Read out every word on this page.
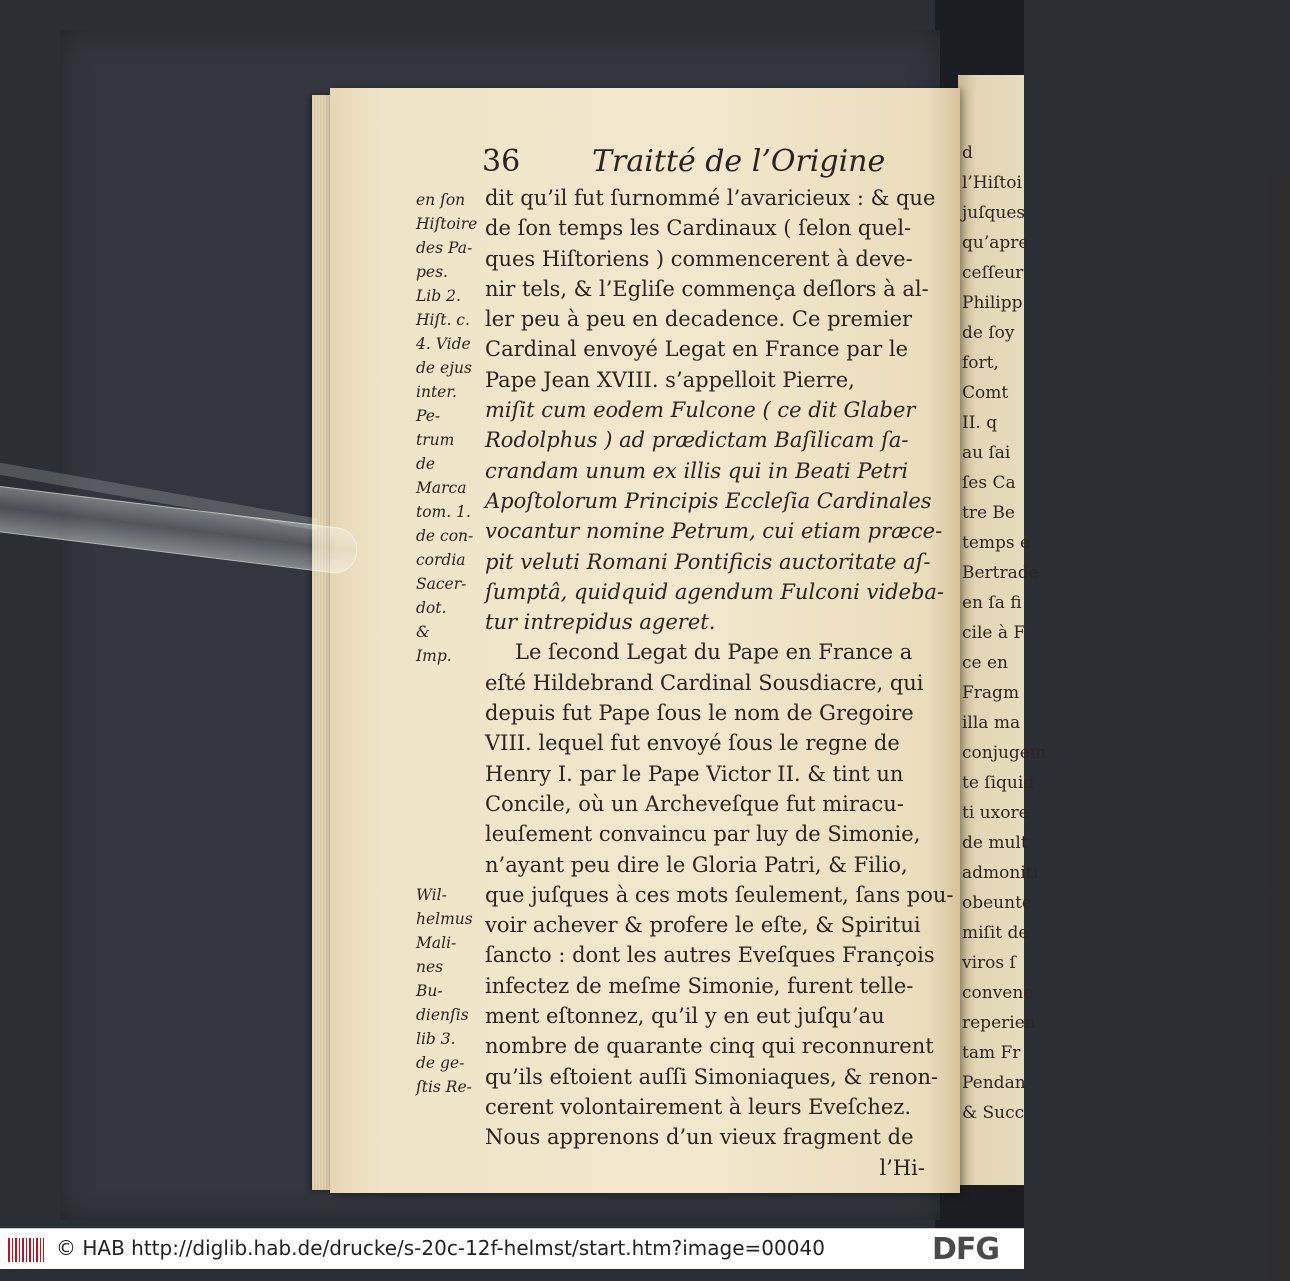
d
l’Hiſtoi
juſques
qu’apre
ceſſeur
Philipp
de ſoy
fort,
Comt
II. q
au ſai
ſes Ca
tre Be
temps e
Bertrade
en ſa fi
cile à F
ce en
Fragm
illa ma
conjugem
te ſiquid
ti uxore
de mult
admoniti
obeunte
miſit de
viros ſ
convene
reperien
tam Fr
Pendan
& Succ
36 Traitté de l’Origine
en ſon
Hiſtoire
des Pa-
pes.
Lib 2.
Hiſt. c.
4. Vide
de ejus
inter.
Pe-
trum
de
Marca
tom. 1.
de con-
cordia
Sacer-
dot.
&
Imp.
Wil-
helmus
Mali-
nes
Bu-
dienſis
lib 3.
de ge-
ſtis Re-
dit qu’il fut ſurnommé l’avaricieux : & que
de ſon temps les Cardinaux ( ſelon quel-
ques Hiſtoriens ) commencerent à deve-
nir tels, & l’Egliſe commença deſlors à al-
ler peu à peu en decadence. Ce premier
Cardinal envoyé Legat en France par le
Pape Jean XVIII. s’appelloit Pierre,
miſit cum eodem Fulcone ( ce dit Glaber
Rodolphus ) ad prædictam Baſilicam ſa-
crandam unum ex illis qui in Beati Petri
Apoſtolorum Principis Eccleſia Cardinales
vocantur nomine Petrum, cui etiam præce-
pit veluti Romani Pontificis auctoritate aſ-
ſumptâ, quidquid agendum Fulconi videba-
tur intrepidus ageret.
Le ſecond Legat du Pape en France a
eſté Hildebrand Cardinal Sousdiacre, qui
depuis fut Pape ſous le nom de Gregoire
VIII. lequel fut envoyé ſous le regne de
Henry I. par le Pape Victor II. & tint un
Concile, où un Archeveſque fut miracu-
leuſement convaincu par luy de Simonie,
n’ayant peu dire le Gloria Patri, & Filio,
que juſques à ces mots ſeulement, ſans pou-
voir achever & profere le eſte, & Spiritui
ſancto : dont les autres Eveſques François
infectez de meſme Simonie, furent telle-
ment eſtonnez, qu’il y en eut juſqu’au
nombre de quarante cinq qui reconnurent
qu’ils eſtoient auſſi Simoniaques, & renon-
cerent volontairement à leurs Eveſchez.
Nous apprenons d’un vieux fragment de
l’Hi-
© HAB http://diglib.hab.de/drucke/s-20c-12f-helmst/start.htm?image=00040	DFG
